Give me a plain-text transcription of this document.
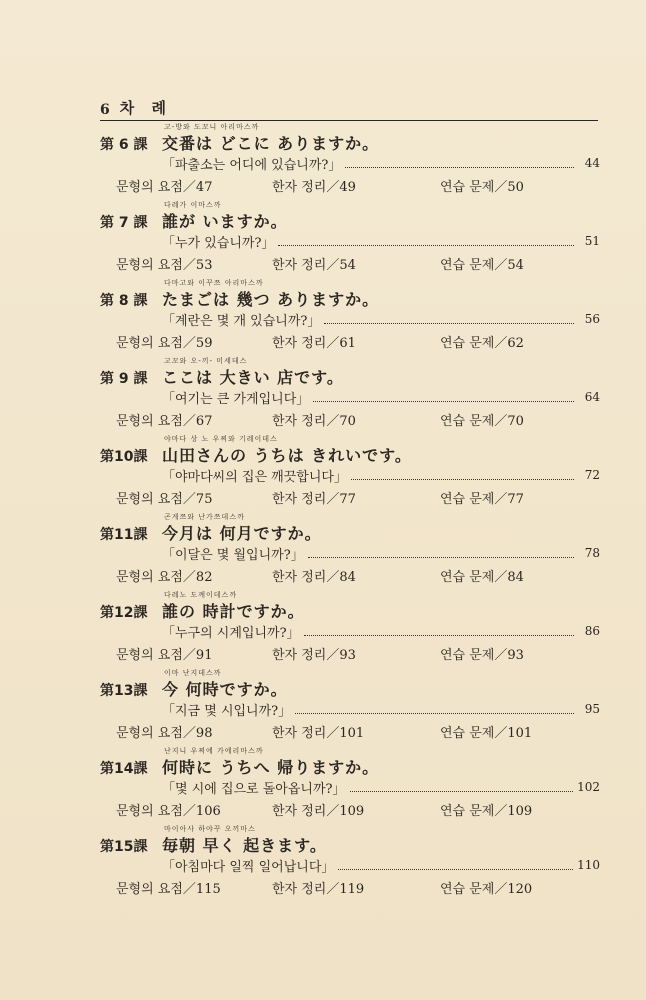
6 차 례
第 6 課
고-방와 도꼬니 아리마스까
交番は どこに ありますか。
「파출소는 어디에 있습니까?」	44
문형의 요점／47	한자 정리／49	연습 문제／50
第 7 課
다레가 이마스까
誰が いますか。
「누가 있습니까?」	51
문형의 요점／53	한자 정리／54	연습 문제／54
第 8 課
다마고와 이꾸쯔 아리마스까
たまごは 幾つ ありますか。
「계란은 몇 개 있습니까?」	56
문형의 요점／59	한자 정리／61	연습 문제／62
第 9 課
고꼬와 오-끼- 미세데스
ここは 大きい 店です。
「여기는 큰 가게입니다」	64
문형의 요점／67	한자 정리／70	연습 문제／70
第10課
야마다 상 노 우찌와 기레이데스
山田さんの うちは きれいです。
「야마다씨의 집은 깨끗합니다」	72
문형의 요점／75	한자 정리／77	연습 문제／77
第11課
곤게쯔와 난가쯔데스까
今月は 何月ですか。
「이달은 몇 월입니까?」	78
문형의 요점／82	한자 정리／84	연습 문제／84
第12課
다레노 도께이데스까
誰の 時計ですか。
「누구의 시계입니까?」	86
문형의 요점／91	한자 정리／93	연습 문제／93
第13課
이마 난지데스까
今 何時ですか。
「지금 몇 시입니까?」	95
문형의 요점／98	한자 정리／101	연습 문제／101
第14課
난지니 우찌에 가에리마스까
何時に うちへ 帰りますか。
「몇 시에 집으로 돌아옵니까?」	102
문형의 요점／106	한자 정리／109	연습 문제／109
第15課
마이아사 하야꾸 오끼마스
毎朝 早く 起きます。
「아침마다 일찍 일어납니다」	110
문형의 요점／115	한자 정리／119	연습 문제／120
